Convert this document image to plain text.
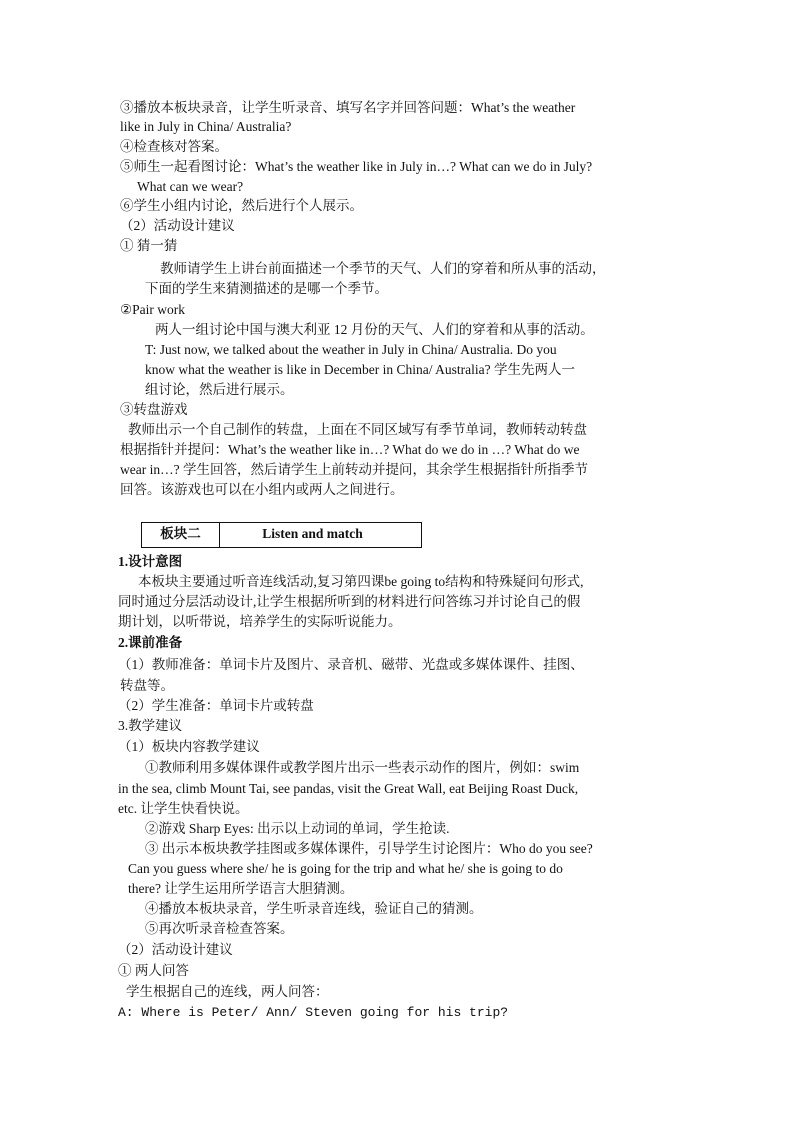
③播放本板块录音，让学生听录音、填写名字并回答问题：What’s the weather
like in July in China/ Australia?
④检查核对答案。
⑤师生一起看图讨论：What’s the weather like in July in…? What can we do in July?
What can we wear?
⑥学生小组内讨论，然后进行个人展示。
（2）活动设计建议
① 猜一猜
教师请学生上讲台前面描述一个季节的天气、人们的穿着和所从事的活动，
下面的学生来猜测描述的是哪一个季节。
②Pair work
两人一组讨论中国与澳大利亚 12 月份的天气、人们的穿着和从事的活动。
T: Just now, we talked about the weather in July in China/ Australia. Do you
know what the weather is like in December in China/ Australia? 学生先两人一
组讨论，然后进行展示。
③转盘游戏
教师出示一个自己制作的转盘，上面在不同区域写有季节单词，教师转动转盘
根据指针并提问：What’s the weather like in…? What do we do in …? What do we
wear in…? 学生回答，然后请学生上前转动并提问，其余学生根据指针所指季节
回答。该游戏也可以在小组内或两人之间进行。
板块二	Listen and match
1.设计意图
本板块主要通过听音连线活动,复习第四课be going to结构和特殊疑问句形式,
同时通过分层活动设计,让学生根据所听到的材料进行问答练习并讨论自己的假
期计划，以听带说，培养学生的实际听说能力。
2.课前准备
（1）教师准备：单词卡片及图片、录音机、磁带、光盘或多媒体课件、挂图、
转盘等。
（2）学生准备：单词卡片或转盘
3.教学建议
（1）板块内容教学建议
①教师利用多媒体课件或教学图片出示一些表示动作的图片，例如：swim
in the sea, climb Mount Tai, see pandas, visit the Great Wall, eat Beijing Roast Duck,
etc. 让学生快看快说。
②游戏 Sharp Eyes: 出示以上动词的单词，学生抢读.
③ 出示本板块教学挂图或多媒体课件，引导学生讨论图片：Who do you see?
Can you guess where she/ he is going for the trip and what he/ she is going to do
there? 让学生运用所学语言大胆猜测。
④播放本板块录音，学生听录音连线，验证自己的猜测。
⑤再次听录音检查答案。
（2）活动设计建议
① 两人问答
学生根据自己的连线，两人问答：
A: Where is Peter/ Ann/ Steven going for his trip?
